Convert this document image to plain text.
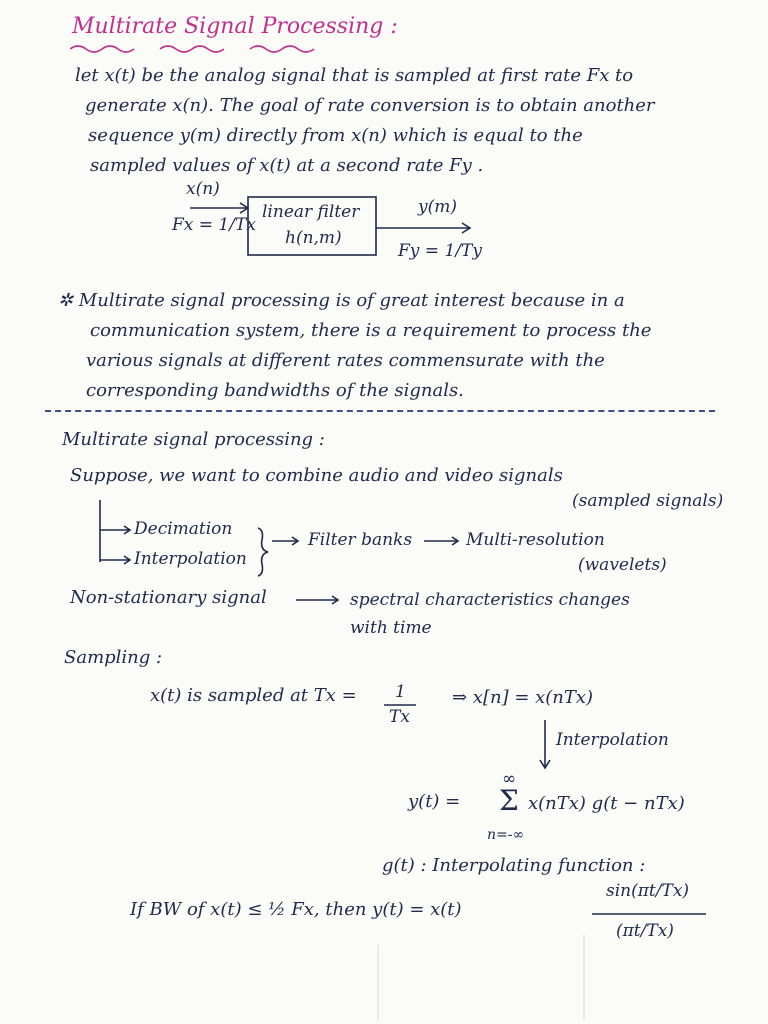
Multirate Signal Processing :

let x(t) be the analog signal that is sampled at first rate Fx to
generate x(n). The goal of rate conversion is to obtain another
sequence y(m) directly from x(n) which is equal to the
sampled values of x(t) at a second rate Fy .
x(n)
Fx = 1/Tx
linear filter
h(n,m)
y(m)
Fy = 1/Ty
✲ Multirate signal processing is of great interest because in a
communication system, there is a requirement to process the
various signals at different rates commensurate with the
corresponding bandwidths of the signals.
Multirate signal processing :
Suppose, we want to combine audio and video signals
(sampled signals)
Decimation
Interpolation
Filter banks	Multi-resolution
(wavelets)
Non-stationary signal	spectral characteristics changes
with time
Sampling :
x(t) is sampled at Tx = 1
Tx
⇒ x[n] = x(nTx)
Interpolation
y(t) =
∞
Σ
n=-∞
x(nTx) g(t − nTx)
g(t) : Interpolating function :
If BW of x(t) ≤ ½ Fx, then y(t) = x(t)
sin(πt/Tx)
(πt/Tx)
